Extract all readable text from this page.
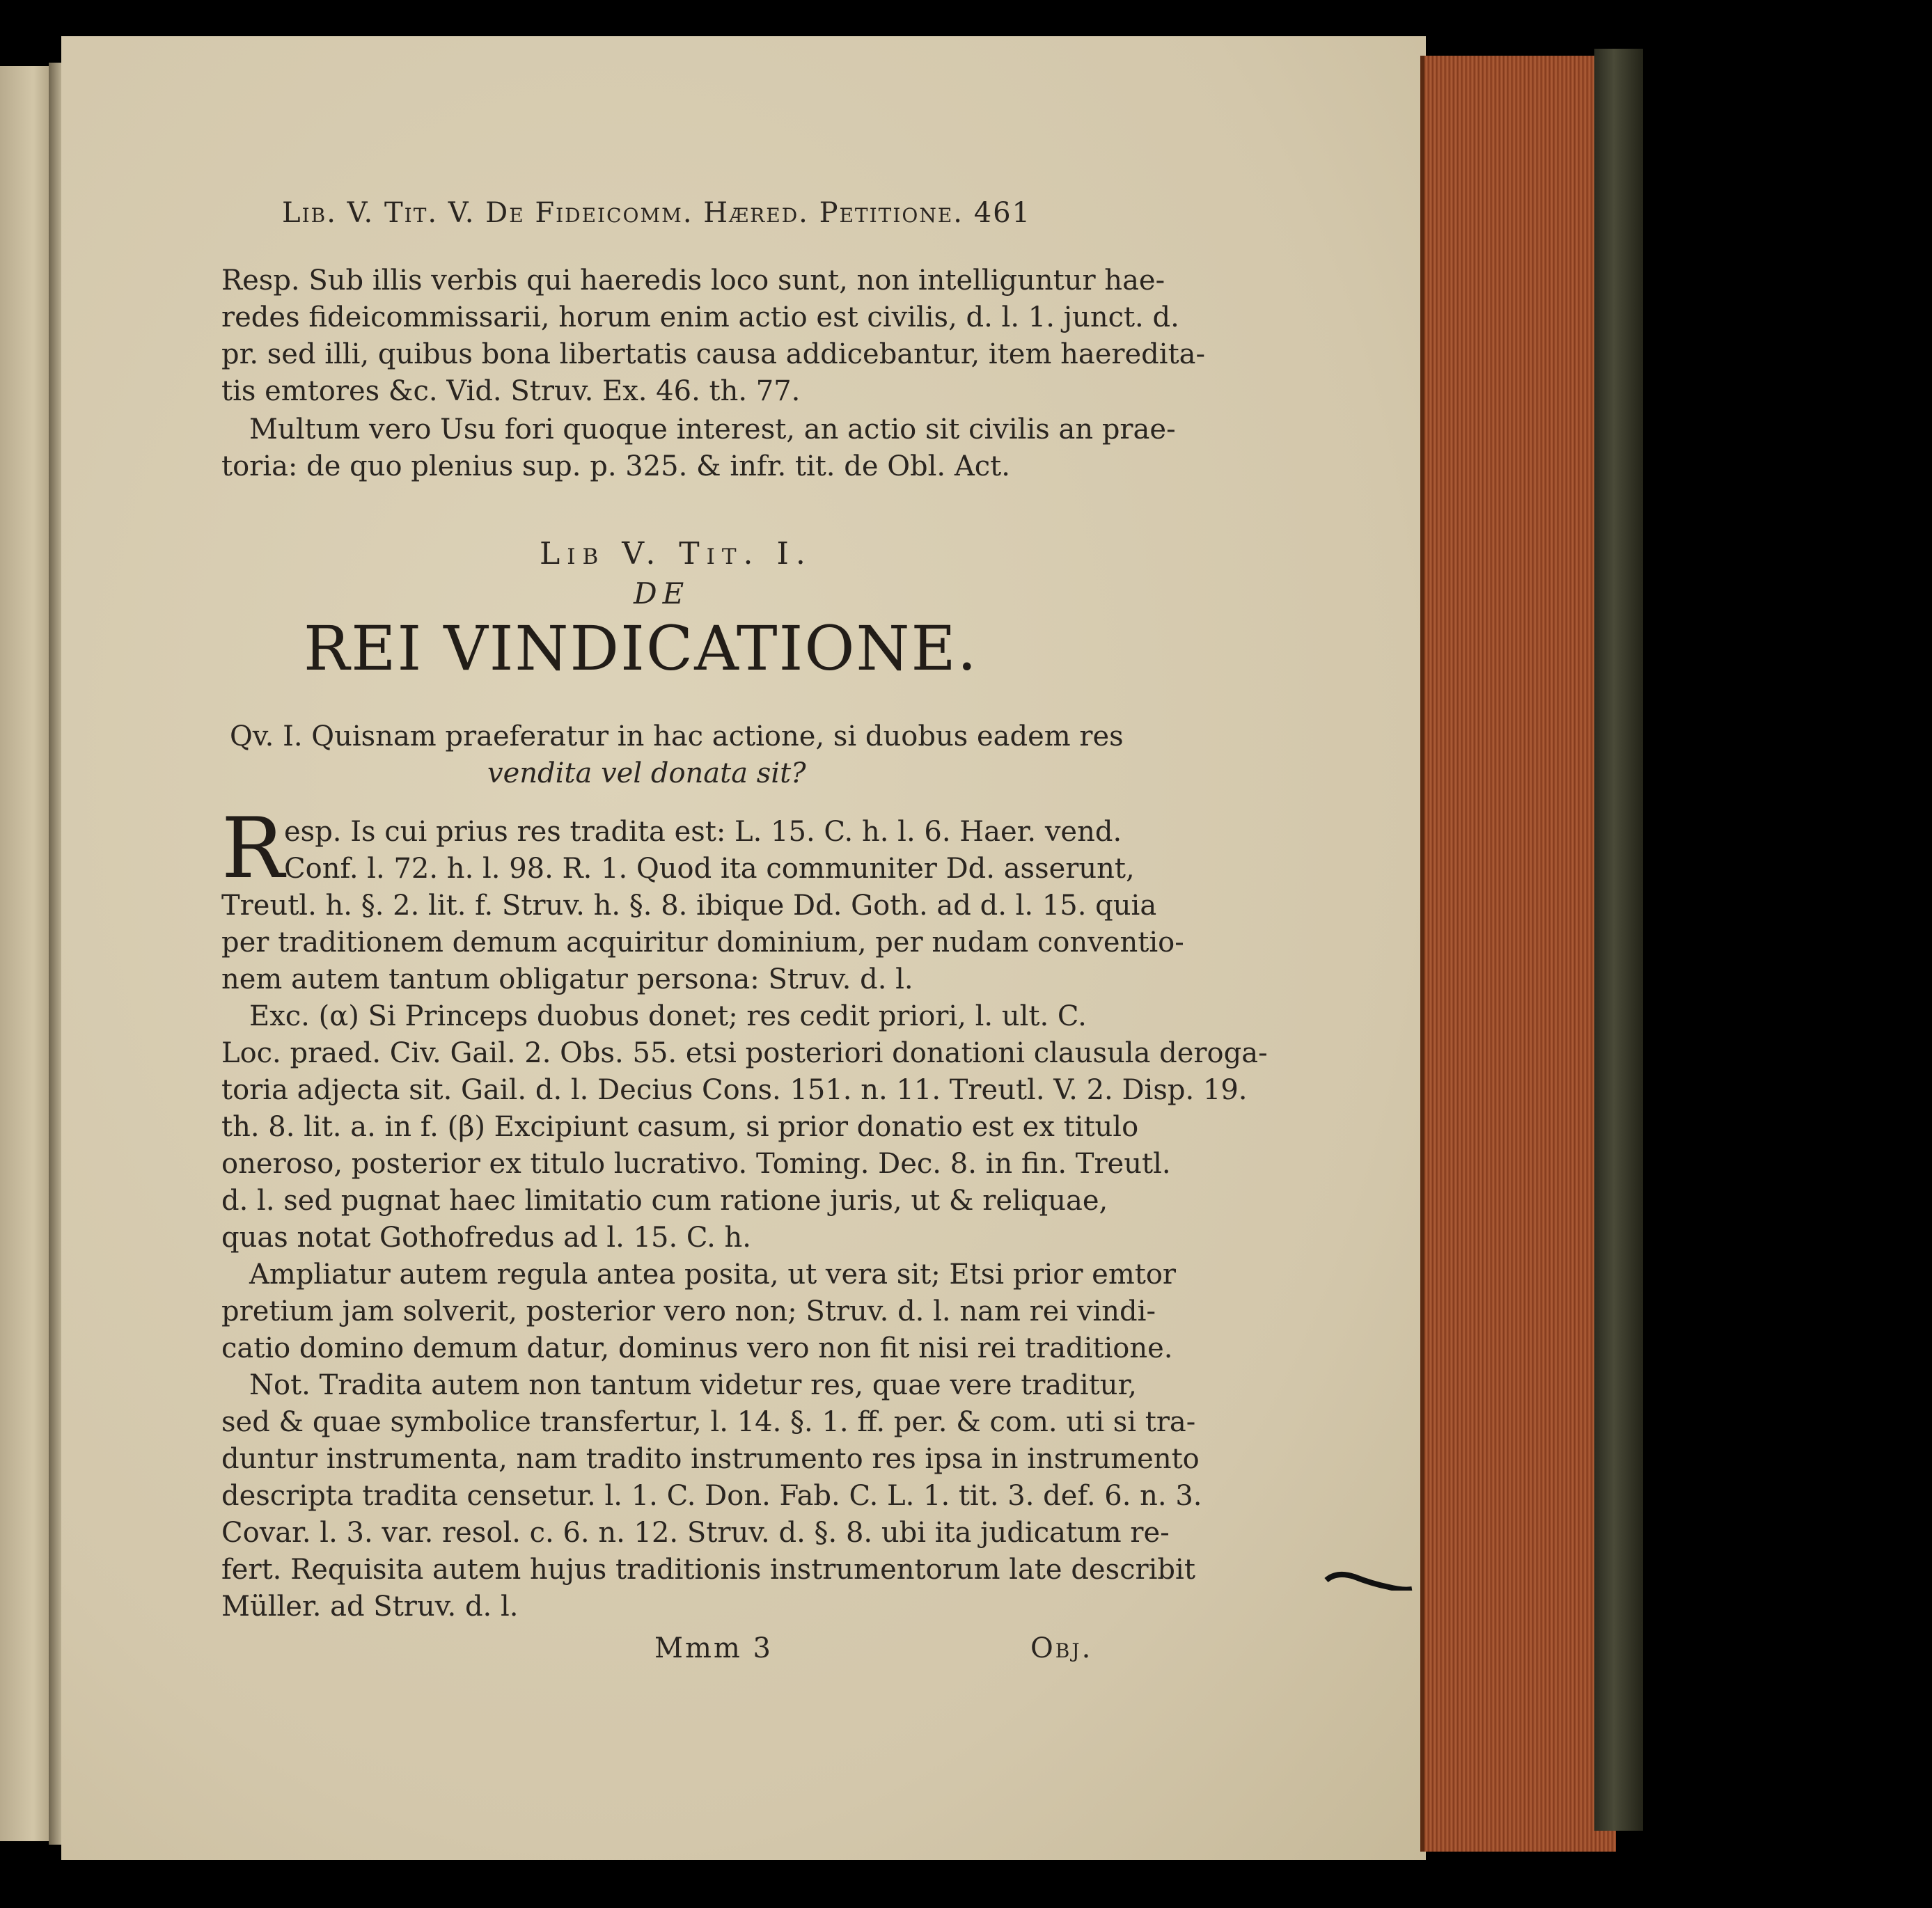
Lib. V. Tit. V. De Fideicomm. Hæred. Petitione. 461
Resp. Sub illis verbis qui haeredis loco sunt, non intelliguntur hae-
redes fideicommissarii, horum enim actio est civilis, d. l. 1. junct. d.
pr. sed illi, quibus bona libertatis causa addicebantur, item haeredita-
tis emtores &c. Vid. Struv. Ex. 46. th. 77.
Multum vero Usu fori quoque interest, an actio sit civilis an prae-
toria: de quo plenius sup. p. 325. & infr. tit. de Obl. Act.
Lib V. Tit. I.
DE
REI VINDICATIONE.
Qv. I. Quisnam praeferatur in hac actione, si duobus eadem res
vendita vel donata sit?
R esp. Is cui prius res tradita est: L. 15. C. h. l. 6. Haer. vend.
Conf. l. 72. h. l. 98. R. 1. Quod ita communiter Dd. asserunt,
Treutl. h. §. 2. lit. f. Struv. h. §. 8. ibique Dd. Goth. ad d. l. 15. quia
per traditionem demum acquiritur dominium, per nudam conventio-
nem autem tantum obligatur persona: Struv. d. l.
Exc. (α) Si Princeps duobus donet; res cedit priori, l. ult. C.
Loc. praed. Civ. Gail. 2. Obs. 55. etsi posteriori donationi clausula deroga-
toria adjecta sit. Gail. d. l. Decius Cons. 151. n. 11. Treutl. V. 2. Disp. 19.
th. 8. lit. a. in f. (β) Excipiunt casum, si prior donatio est ex titulo
oneroso, posterior ex titulo lucrativo. Toming. Dec. 8. in fin. Treutl.
d. l. sed pugnat haec limitatio cum ratione juris, ut & reliquae,
quas notat Gothofredus ad l. 15. C. h.
Ampliatur autem regula antea posita, ut vera sit; Etsi prior emtor
pretium jam solverit, posterior vero non; Struv. d. l. nam rei vindi-
catio domino demum datur, dominus vero non fit nisi rei traditione.
Not. Tradita autem non tantum videtur res, quae vere traditur,
sed & quae symbolice transfertur, l. 14. §. 1. ff. per. & com. uti si tra-
duntur instrumenta, nam tradito instrumento res ipsa in instrumento
descripta tradita censetur. l. 1. C. Don. Fab. C. L. 1. tit. 3. def. 6. n. 3.
Covar. l. 3. var. resol. c. 6. n. 12. Struv. d. §. 8. ubi ita judicatum re-
fert. Requisita autem hujus traditionis instrumentorum late describit
Müller. ad Struv. d. l.
Mmm 3	Obj.
